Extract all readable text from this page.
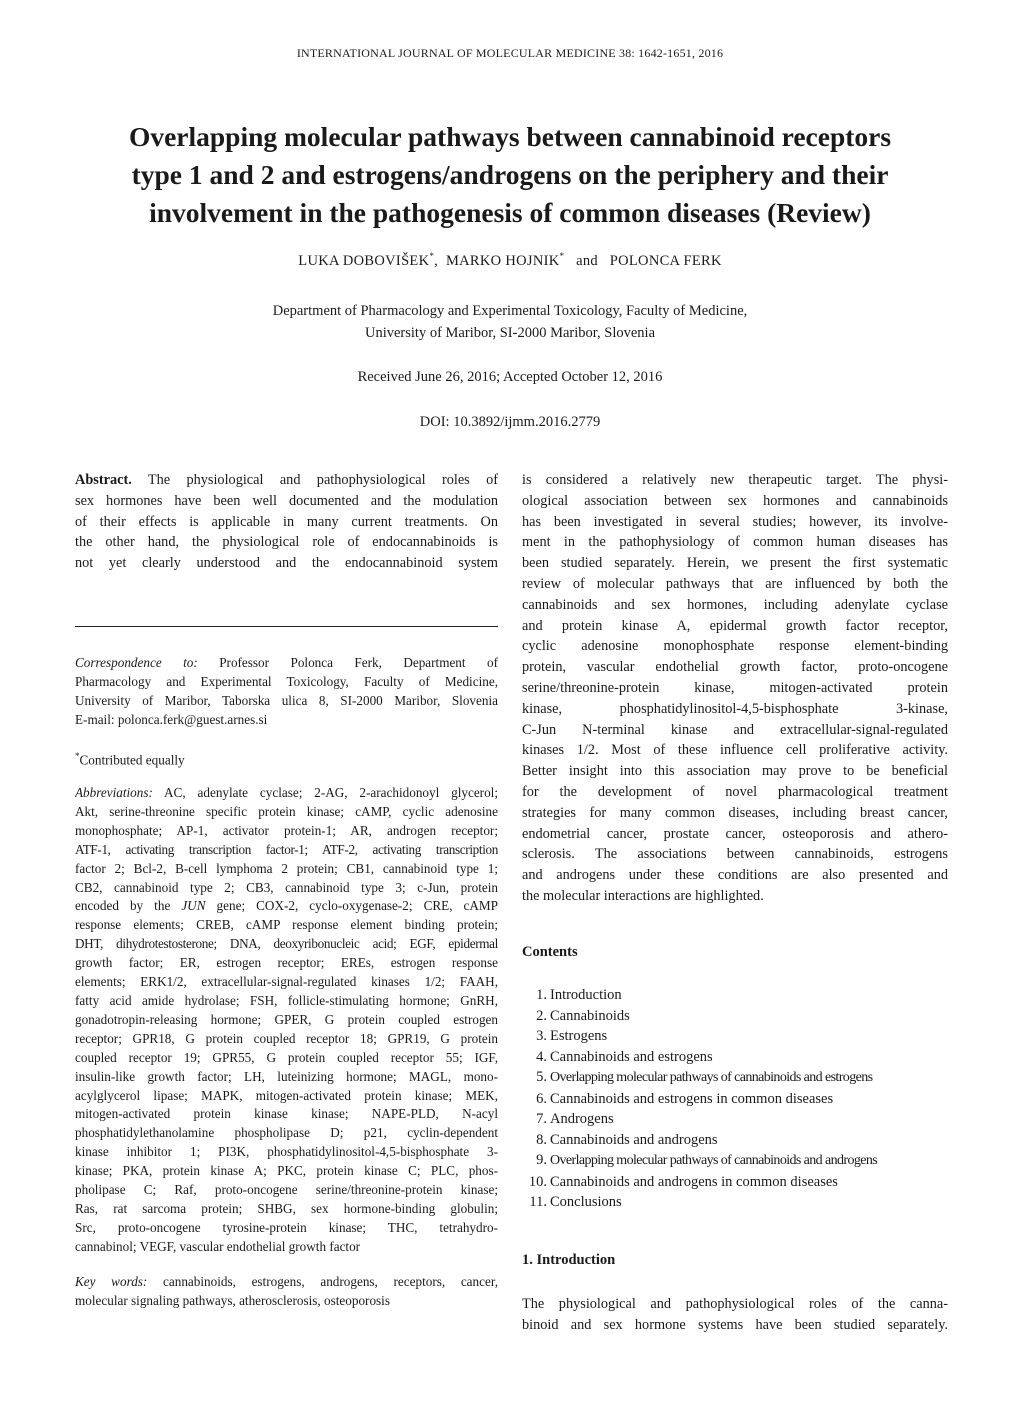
INTERNATIONAL JOURNAL OF MOLECULAR MEDICINE 38: 1642-1651, 2016
Overlapping molecular pathways between cannabinoid receptors
type 1 and 2 and estrogens/androgens on the periphery and their
involvement in the pathogenesis of common diseases (Review)
LUKA DOBOVIŠEK*, MARKO HOJNIK* and POLONCA FERK
Department of Pharmacology and Experimental Toxicology, Faculty of Medicine,
University of Maribor, SI-2000 Maribor, Slovenia
Received June 26, 2016; Accepted October 12, 2016
DOI: 10.3892/ijmm.2016.2779
Abstract. The physiological and pathophysiological roles of
sex hormones have been well documented and the modulation
of their effects is applicable in many current treatments. On
the other hand, the physiological role of endocannabinoids is
not yet clearly understood and the endocannabinoid system
Correspondence to: Professor Polonca Ferk, Department of
Pharmacology and Experimental Toxicology, Faculty of Medicine,
University of Maribor, Taborska ulica 8, SI-2000 Maribor, Slovenia
E-mail: polonca.ferk@guest.arnes.si
*Contributed equally
Abbreviations: AC, adenylate cyclase; 2-AG, 2-arachidonoyl glycerol;
Akt, serine-threonine specific protein kinase; cAMP, cyclic adenosine
monophosphate; AP-1, activator protein-1; AR, androgen receptor;
ATF-1, activating transcription factor-1; ATF-2, activating transcription
factor 2; Bcl-2, B-cell lymphoma 2 protein; CB1, cannabinoid type 1;
CB2, cannabinoid type 2; CB3, cannabinoid type 3; c-Jun, protein
encoded by the JUN gene; COX-2, cyclo-oxygenase-2; CRE, cAMP
response elements; CREB, cAMP response element binding protein;
DHT, dihydrotestosterone; DNA, deoxyribonucleic acid; EGF, epidermal
growth factor; ER, estrogen receptor; EREs, estrogen response
elements; ERK1/2, extracellular-signal-regulated kinases 1/2; FAAH,
fatty acid amide hydrolase; FSH, follicle-stimulating hormone; GnRH,
gonadotropin-releasing hormone; GPER, G protein coupled estrogen
receptor; GPR18, G protein coupled receptor 18; GPR19, G protein
coupled receptor 19; GPR55, G protein coupled receptor 55; IGF,
insulin-like growth factor; LH, luteinizing hormone; MAGL, mono-
acylglycerol lipase; MAPK, mitogen-activated protein kinase; MEK,
mitogen-activated protein kinase kinase; NAPE-PLD, N-acyl
phosphatidylethanolamine phospholipase D; p21, cyclin-dependent
kinase inhibitor 1; PI3K, phosphatidylinositol-4,5-bisphosphate 3-
kinase; PKA, protein kinase A; PKC, protein kinase C; PLC, phos-
pholipase C; Raf, proto-oncogene serine/threonine-protein kinase;
Ras, rat sarcoma protein; SHBG, sex hormone-binding globulin;
Src, proto-oncogene tyrosine-protein kinase; THC, tetrahydro-
cannabinol; VEGF, vascular endothelial growth factor
Key words: cannabinoids, estrogens, androgens, receptors, cancer,
molecular signaling pathways, atherosclerosis, osteoporosis
is considered a relatively new therapeutic target. The physi-
ological association between sex hormones and cannabinoids
has been investigated in several studies; however, its involve-
ment in the pathophysiology of common human diseases has
been studied separately. Herein, we present the first systematic
review of molecular pathways that are influenced by both the
cannabinoids and sex hormones, including adenylate cyclase
and protein kinase A, epidermal growth factor receptor,
cyclic adenosine monophosphate response element-binding
protein, vascular endothelial growth factor, proto-oncogene
serine/threonine-protein kinase, mitogen-activated protein
kinase, phosphatidylinositol-4,5-bisphosphate 3-kinase,
C-Jun N-terminal kinase and extracellular-signal-regulated
kinases 1/2. Most of these influence cell proliferative activity.
Better insight into this association may prove to be beneficial
for the development of novel pharmacological treatment
strategies for many common diseases, including breast cancer,
endometrial cancer, prostate cancer, osteoporosis and athero-
sclerosis. The associations between cannabinoids, estrogens
and androgens under these conditions are also presented and
the molecular interactions are highlighted.
Contents
1. Introduction
2. Cannabinoids
3. Estrogens
4. Cannabinoids and estrogens
5. Overlapping molecular pathways of cannabinoids and estrogens
6. Cannabinoids and estrogens in common diseases
7. Androgens
8. Cannabinoids and androgens
9. Overlapping molecular pathways of cannabinoids and androgens
10. Cannabinoids and androgens in common diseases
11. Conclusions
1. Introduction
The physiological and pathophysiological roles of the canna-
binoid and sex hormone systems have been studied separately.
